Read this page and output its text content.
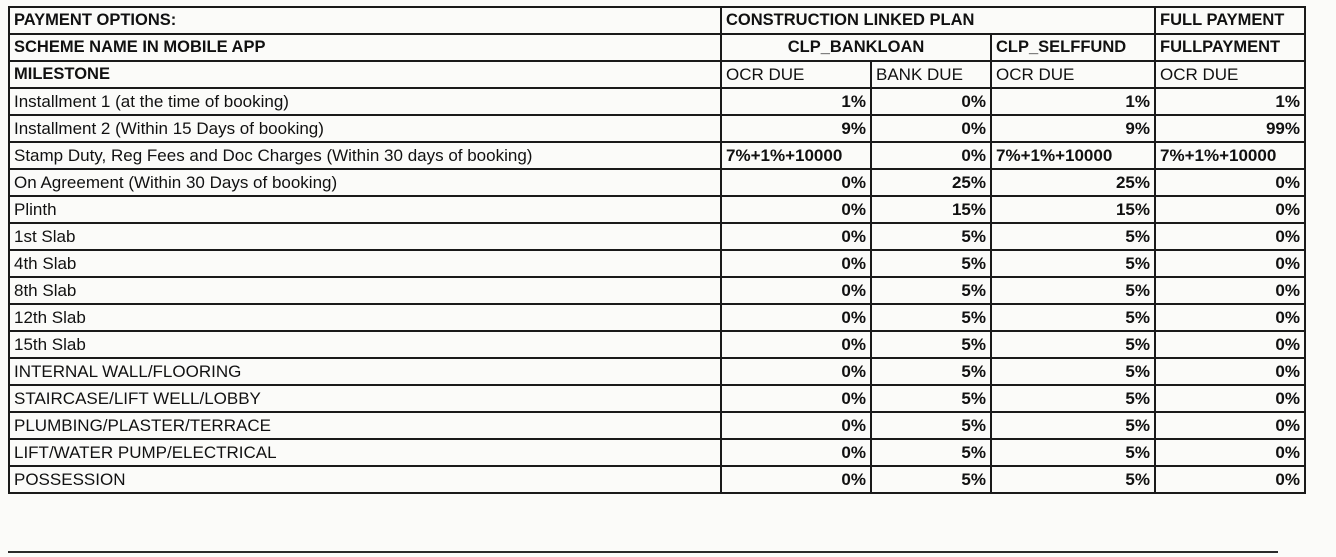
PAYMENT OPTIONS:	CONSTRUCTION LINKED PLAN			FULL PAYMENT
SCHEME NAME IN MOBILE APP	CLP_BANKLOAN		CLP_SELFFUND	FULLPAYMENT
MILESTONE	OCR DUE	BANK DUE	OCR DUE	OCR DUE
Installment 1 (at the time of booking)	1%	0%	1%	1%
Installment 2 (Within 15 Days of booking)	9%	0%	9%	99%
Stamp Duty, Reg Fees and Doc Charges (Within 30 days of booking)	7%+1%+10000	0%	7%+1%+10000	7%+1%+10000
On Agreement (Within 30 Days of booking)	0%	25%	25%	0%
Plinth	0%	15%	15%	0%
1st Slab	0%	5%	5%	0%
4th Slab	0%	5%	5%	0%
8th Slab	0%	5%	5%	0%
12th Slab	0%	5%	5%	0%
15th Slab	0%	5%	5%	0%
INTERNAL WALL/FLOORING	0%	5%	5%	0%
STAIRCASE/LIFT WELL/LOBBY	0%	5%	5%	0%
PLUMBING/PLASTER/TERRACE	0%	5%	5%	0%
LIFT/WATER PUMP/ELECTRICAL	0%	5%	5%	0%
POSSESSION	0%	5%	5%	0%
